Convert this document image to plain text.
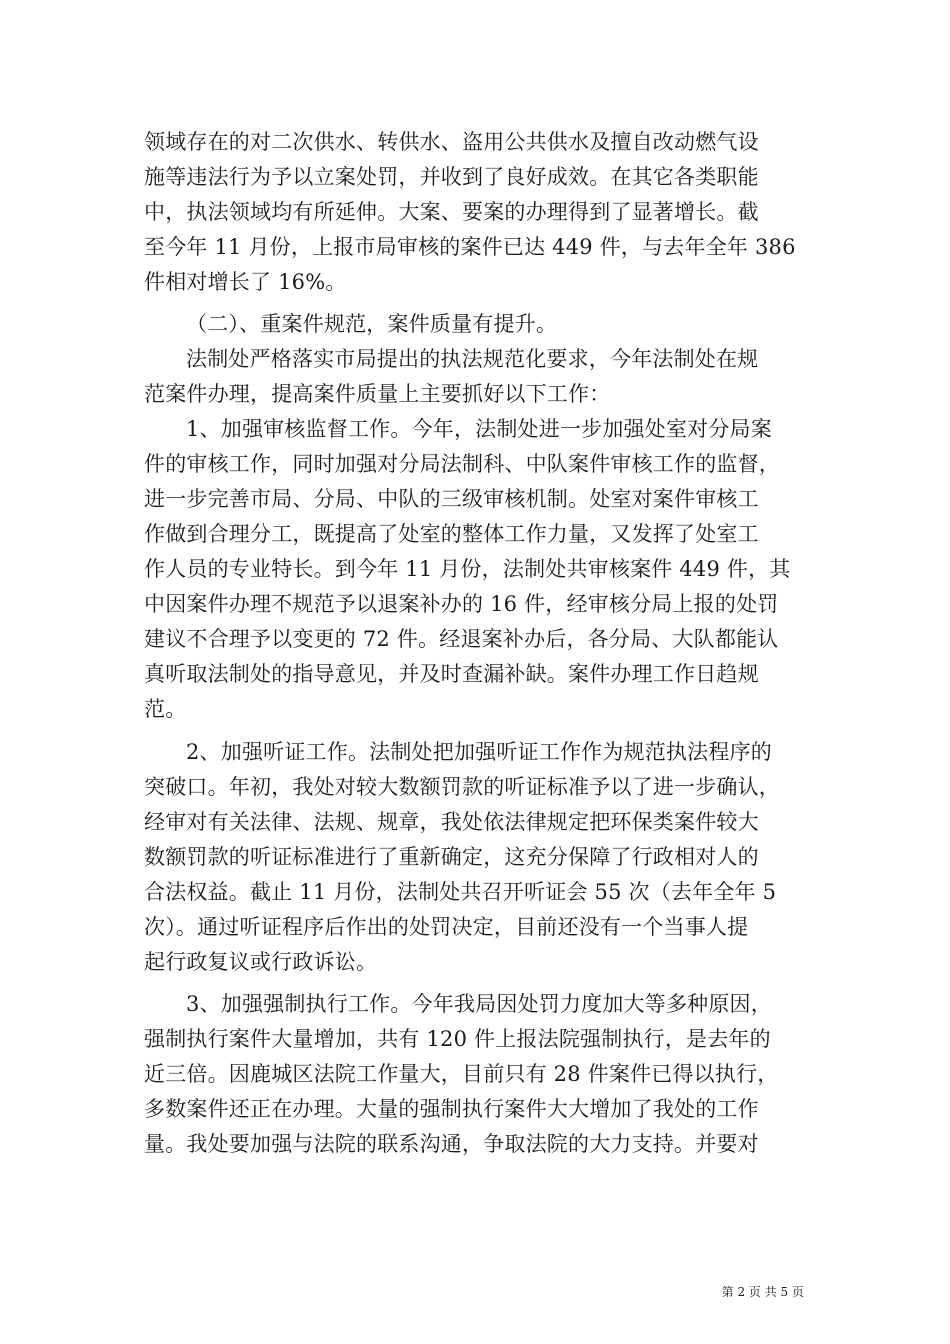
领域存在的对二次供水、转供水、盗用公共供水及擅自改动燃气设
施等违法行为予以立案处罚，并收到了良好成效。在其它各类职能
中，执法领域均有所延伸。大案、要案的办理得到了显著增长。截
至今年 11 月份，上报市局审核的案件已达 449 件，与去年全年 386
件相对增长了 16%。
（二）、重案件规范，案件质量有提升。
法制处严格落实市局提出的执法规范化要求，今年法制处在规
范案件办理，提高案件质量上主要抓好以下工作：
1、加强审核监督工作。今年，法制处进一步加强处室对分局案
件的审核工作，同时加强对分局法制科、中队案件审核工作的监督，
进一步完善市局、分局、中队的三级审核机制。处室对案件审核工
作做到合理分工，既提高了处室的整体工作力量，又发挥了处室工
作人员的专业特长。到今年 11 月份，法制处共审核案件 449 件，其
中因案件办理不规范予以退案补办的 16 件，经审核分局上报的处罚
建议不合理予以变更的 72 件。经退案补办后，各分局、大队都能认
真听取法制处的指导意见，并及时查漏补缺。案件办理工作日趋规
范。
2、加强听证工作。法制处把加强听证工作作为规范执法程序的
突破口。年初，我处对较大数额罚款的听证标准予以了进一步确认，
经审对有关法律、法规、规章，我处依法律规定把环保类案件较大
数额罚款的听证标准进行了重新确定，这充分保障了行政相对人的
合法权益。截止 11 月份，法制处共召开听证会 55 次（去年全年 5
次）。通过听证程序后作出的处罚决定，目前还没有一个当事人提
起行政复议或行政诉讼。
3、加强强制执行工作。今年我局因处罚力度加大等多种原因，
强制执行案件大量增加，共有 120 件上报法院强制执行，是去年的
近三倍。因鹿城区法院工作量大，目前只有 28 件案件已得以执行，
多数案件还正在办理。大量的强制执行案件大大增加了我处的工作
量。我处要加强与法院的联系沟通，争取法院的大力支持。并要对
第 2 页 共 5 页
